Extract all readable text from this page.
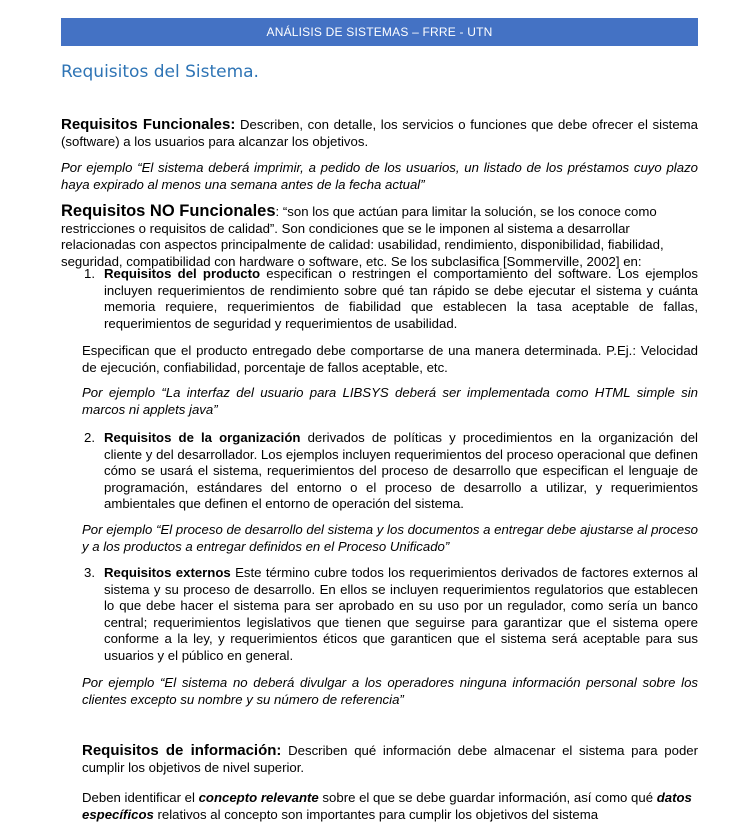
ANÁLISIS DE SISTEMAS – FRRE - UTN
Requisitos del Sistema.

Requisitos Funcionales: Describen, con detalle, los servicios o funciones que debe ofrecer el sistema (software) a los usuarios para alcanzar los objetivos.

Por ejemplo “El sistema deberá imprimir, a pedido de los usuarios, un listado de los préstamos cuyo plazo haya expirado al menos una semana antes de la fecha actual”

Requisitos NO Funcionales: “son los que actúan para limitar la solución, se los conoce como restricciones o requisitos de calidad”. Son condiciones que se le imponen al sistema a desarrollar relacionadas con aspectos principalmente de calidad: usabilidad, rendimiento, disponibilidad, fiabilidad, seguridad, compatibilidad con hardware o software, etc. Se los subclasifica [Sommerville, 2002] en:

1. Requisitos del producto especifican o restringen el comportamiento del software. Los ejemplos incluyen requerimientos de rendimiento sobre qué tan rápido se debe ejecutar el sistema y cuánta memoria requiere, requerimientos de fiabilidad que establecen la tasa aceptable de fallas, requerimientos de seguridad y requerimientos de usabilidad.

Especifican que el producto entregado debe comportarse de una manera determinada. P.Ej.: Velocidad de ejecución, confiabilidad, porcentaje de fallos aceptable, etc.

Por ejemplo “La interfaz del usuario para LIBSYS deberá ser implementada como HTML simple sin marcos ni applets java”

2. Requisitos de la organización derivados de políticas y procedimientos en la organización del cliente y del desarrollador. Los ejemplos incluyen requerimientos del proceso operacional que definen cómo se usará el sistema, requerimientos del proceso de desarrollo que especifican el lenguaje de programación, estándares del entorno o el proceso de desarrollo a utilizar, y requerimientos ambientales que definen el entorno de operación del sistema.

Por ejemplo “El proceso de desarrollo del sistema y los documentos a entregar debe ajustarse al proceso y a los productos a entregar definidos en el Proceso Unificado”

3. Requisitos externos Este término cubre todos los requerimientos derivados de factores externos al sistema y su proceso de desarrollo. En ellos se incluyen requerimientos regulatorios que establecen lo que debe hacer el sistema para ser aprobado en su uso por un regulador, como sería un banco central; requerimientos legislativos que tienen que seguirse para garantizar que el sistema opere conforme a la ley, y requerimientos éticos que garanticen que el sistema será aceptable para sus usuarios y el público en general.

Por ejemplo “El sistema no deberá divulgar a los operadores ninguna información personal sobre los clientes excepto su nombre y su número de referencia”

Requisitos de información: Describen qué información debe almacenar el sistema para poder cumplir los objetivos de nivel superior.

Deben identificar el concepto relevante sobre el que se debe guardar información, así como qué datos específicos relativos al concepto son importantes para cumplir los objetivos del sistema
